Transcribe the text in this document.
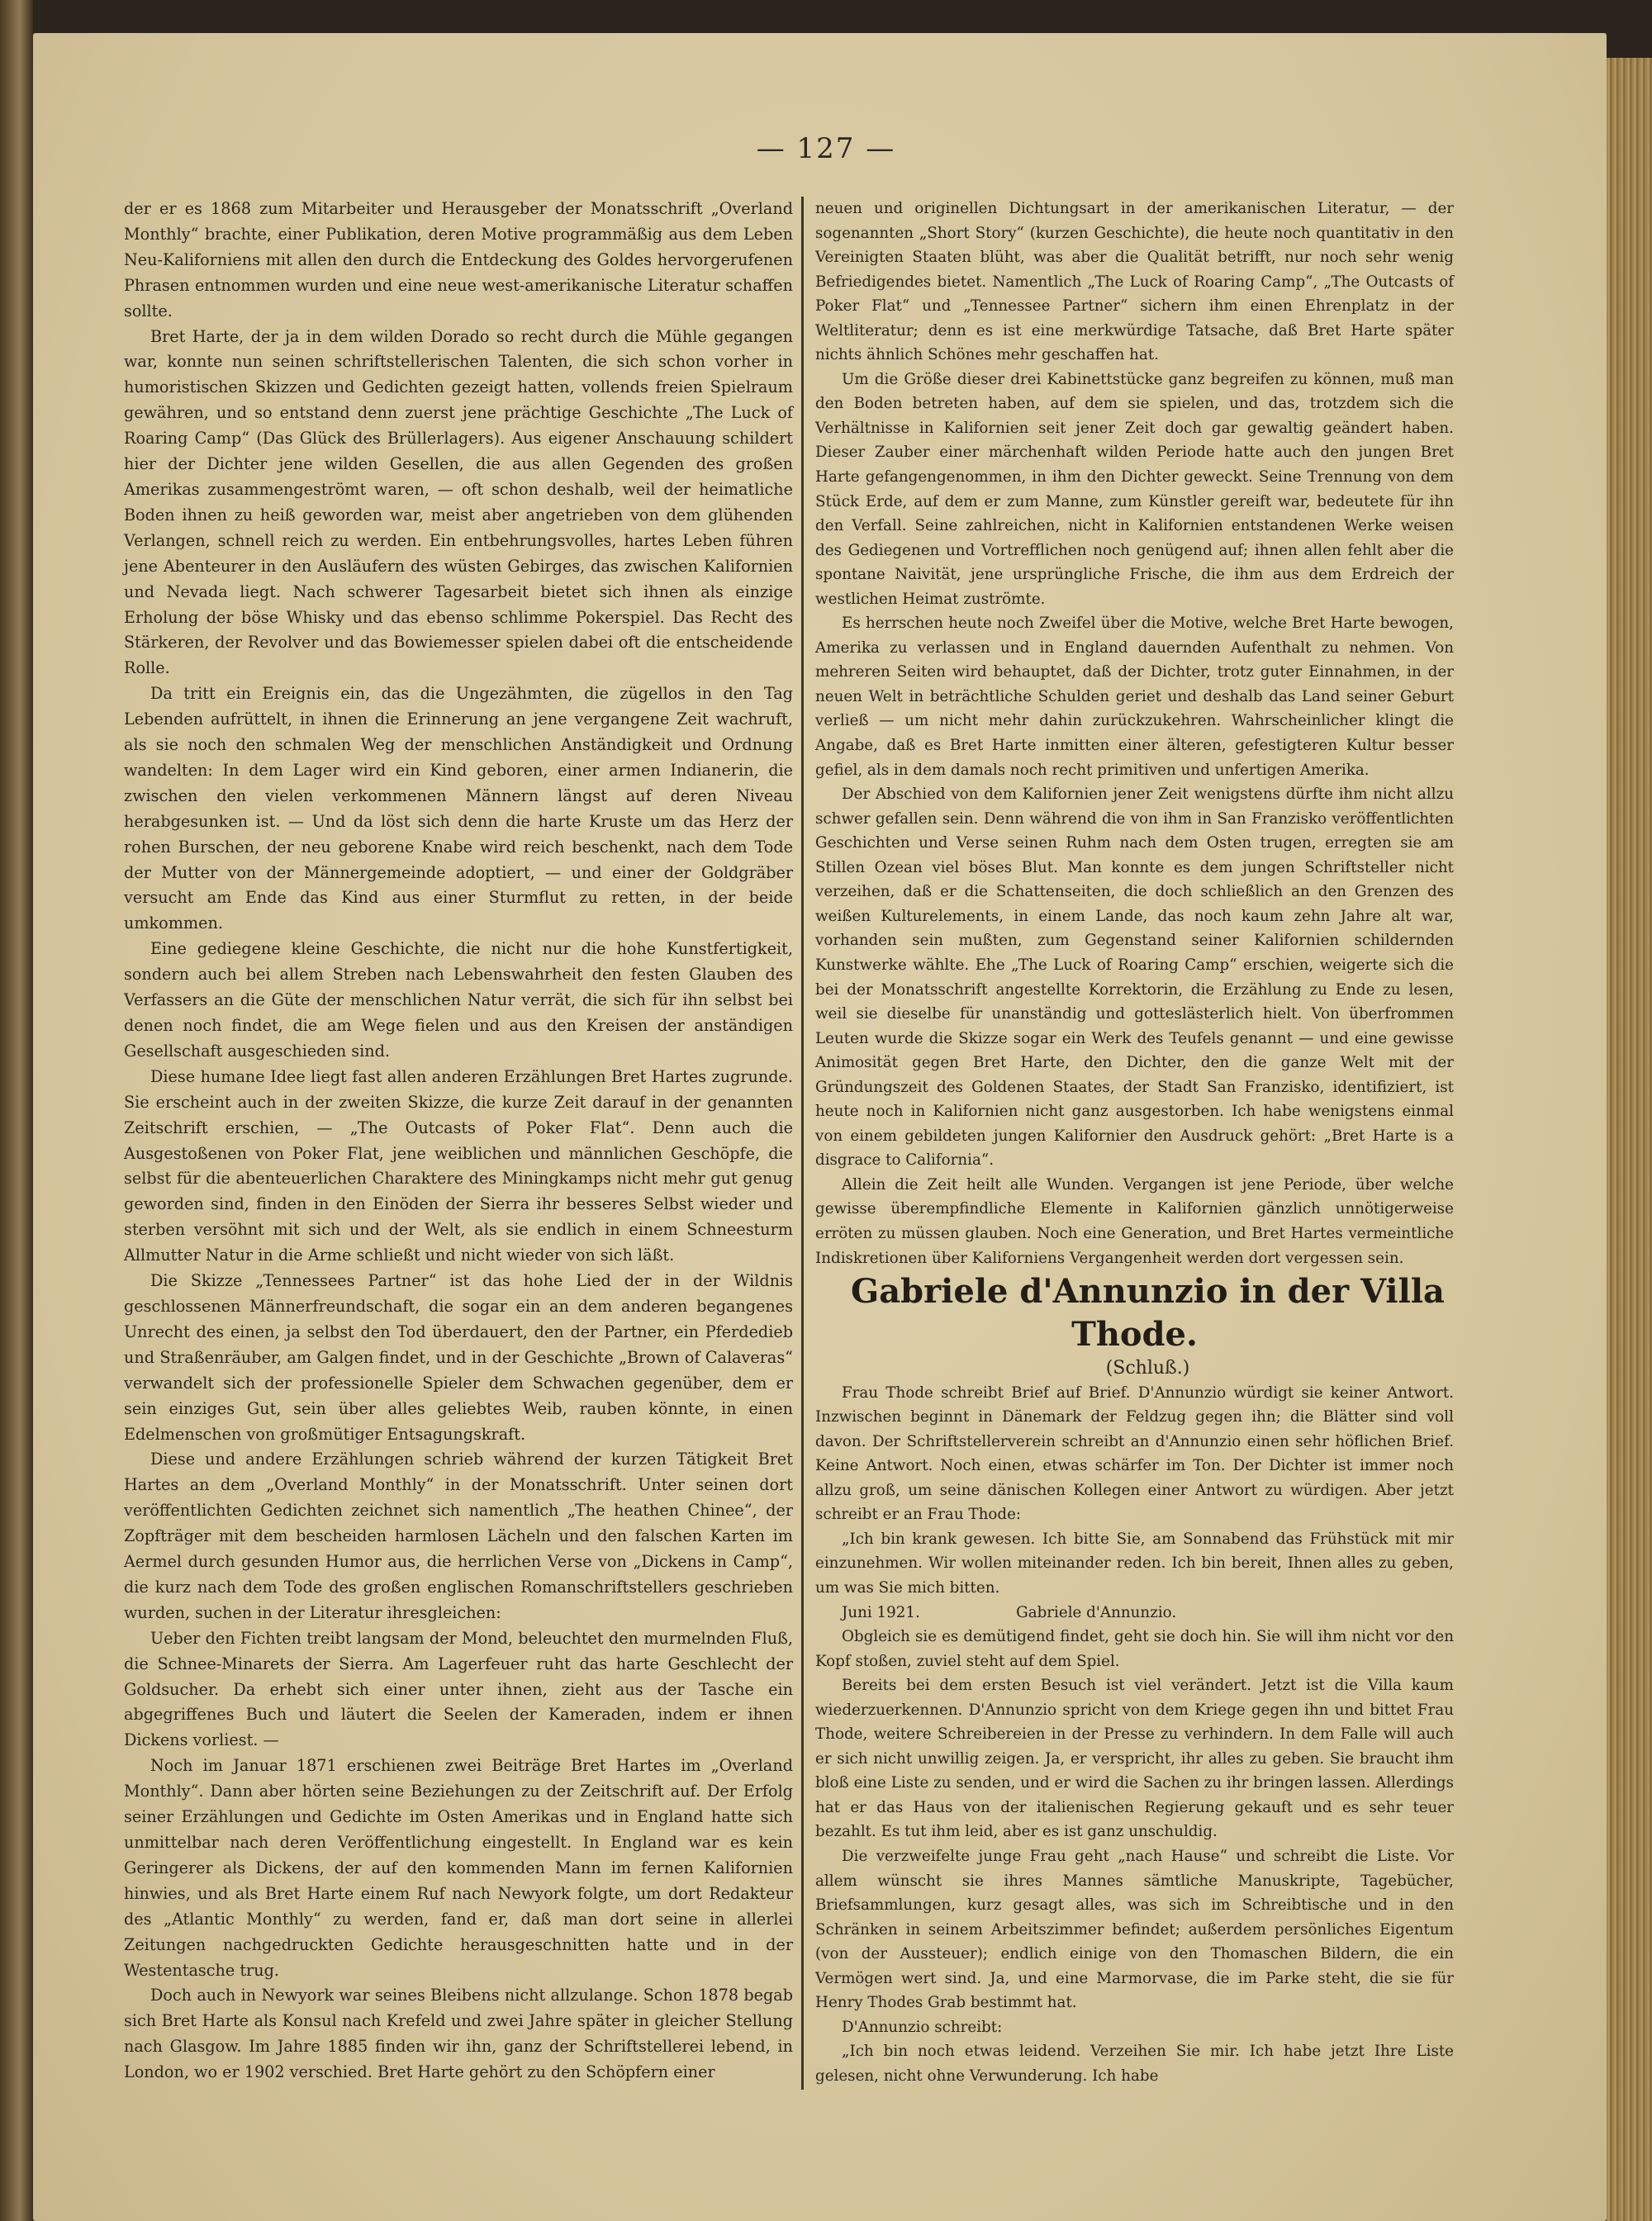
— 127 —

der er es 1868 zum Mitarbeiter und Herausgeber der Monatsschrift „Overland Monthly“ brachte, einer Publikation, deren Motive programmäßig aus dem Leben Neu-Kaliforniens mit allen den durch die Entdeckung des Goldes hervorgerufenen Phrasen entnommen wurden und eine neue west-amerikanische Literatur schaffen sollte.

Bret Harte, der ja in dem wilden Dorado so recht durch die Mühle gegangen war, konnte nun seinen schriftstellerischen Talenten, die sich schon vorher in humoristischen Skizzen und Gedichten gezeigt hatten, vollends freien Spielraum gewähren, und so entstand denn zuerst jene prächtige Geschichte „The Luck of Roaring Camp“ (Das Glück des Brüllerlagers). Aus eigener Anschauung schildert hier der Dichter jene wilden Gesellen, die aus allen Gegenden des großen Amerikas zusammengeströmt waren, — oft schon deshalb, weil der heimatliche Boden ihnen zu heiß geworden war, meist aber angetrieben von dem glühenden Verlangen, schnell reich zu werden. Ein entbehrungsvolles, hartes Leben führen jene Abenteurer in den Ausläufern des wüsten Gebirges, das zwischen Kalifornien und Nevada liegt. Nach schwerer Tagesarbeit bietet sich ihnen als einzige Erholung der böse Whisky und das ebenso schlimme Pokerspiel. Das Recht des Stärkeren, der Revolver und das Bowiemesser spielen dabei oft die entscheidende Rolle.

Da tritt ein Ereignis ein, das die Ungezähmten, die zügellos in den Tag Lebenden aufrüttelt, in ihnen die Erinnerung an jene vergangene Zeit wachruft, als sie noch den schmalen Weg der menschlichen Anständigkeit und Ordnung wandelten: In dem Lager wird ein Kind geboren, einer armen Indianerin, die zwischen den vielen verkommenen Männern längst auf deren Niveau herabgesunken ist. — Und da löst sich denn die harte Kruste um das Herz der rohen Burschen, der neu geborene Knabe wird reich beschenkt, nach dem Tode der Mutter von der Männergemeinde adoptiert, — und einer der Goldgräber versucht am Ende das Kind aus einer Sturmflut zu retten, in der beide umkommen.

Eine gediegene kleine Geschichte, die nicht nur die hohe Kunstfertigkeit, sondern auch bei allem Streben nach Lebenswahrheit den festen Glauben des Verfassers an die Güte der menschlichen Natur verrät, die sich für ihn selbst bei denen noch findet, die am Wege fielen und aus den Kreisen der anständigen Gesellschaft ausgeschieden sind.

Diese humane Idee liegt fast allen anderen Erzählungen Bret Hartes zugrunde. Sie erscheint auch in der zweiten Skizze, die kurze Zeit darauf in der genannten Zeitschrift erschien, — „The Outcasts of Poker Flat“. Denn auch die Ausgestoßenen von Poker Flat, jene weiblichen und männlichen Geschöpfe, die selbst für die abenteuerlichen Charaktere des Miningkamps nicht mehr gut genug geworden sind, finden in den Einöden der Sierra ihr besseres Selbst wieder und sterben versöhnt mit sich und der Welt, als sie endlich in einem Schneesturm Allmutter Natur in die Arme schließt und nicht wieder von sich läßt.

Die Skizze „Tennessees Partner“ ist das hohe Lied der in der Wildnis geschlossenen Männerfreundschaft, die sogar ein an dem anderen begangenes Unrecht des einen, ja selbst den Tod überdauert, den der Partner, ein Pferdedieb und Straßenräuber, am Galgen findet, und in der Geschichte „Brown of Calaveras“ verwandelt sich der professionelle Spieler dem Schwachen gegenüber, dem er sein einziges Gut, sein über alles geliebtes Weib, rauben könnte, in einen Edelmenschen von großmütiger Entsagungskraft.

Diese und andere Erzählungen schrieb während der kurzen Tätigkeit Bret Hartes an dem „Overland Monthly“ in der Monatsschrift. Unter seinen dort veröffentlichten Gedichten zeichnet sich namentlich „The heathen Chinee“, der Zopfträger mit dem bescheiden harmlosen Lächeln und den falschen Karten im Aermel durch gesunden Humor aus, die herrlichen Verse von „Dickens in Camp“, die kurz nach dem Tode des großen englischen Romanschriftstellers geschrieben wurden, suchen in der Literatur ihresgleichen:

Ueber den Fichten treibt langsam der Mond, beleuchtet den murmelnden Fluß, die Schnee-Minarets der Sierra. Am Lagerfeuer ruht das harte Geschlecht der Goldsucher. Da erhebt sich einer unter ihnen, zieht aus der Tasche ein abgegriffenes Buch und läutert die Seelen der Kameraden, indem er ihnen Dickens vorliest. —

Noch im Januar 1871 erschienen zwei Beiträge Bret Hartes im „Overland Monthly“. Dann aber hörten seine Beziehungen zu der Zeitschrift auf. Der Erfolg seiner Erzählungen und Gedichte im Osten Amerikas und in England hatte sich unmittelbar nach deren Veröffentlichung eingestellt. In England war es kein Geringerer als Dickens, der auf den kommenden Mann im fernen Kalifornien hinwies, und als Bret Harte einem Ruf nach Newyork folgte, um dort Redakteur des „Atlantic Monthly“ zu werden, fand er, daß man dort seine in allerlei Zeitungen nachgedruckten Gedichte herausgeschnitten hatte und in der Westentasche trug.

Doch auch in Newyork war seines Bleibens nicht allzulange. Schon 1878 begab sich Bret Harte als Konsul nach Krefeld und zwei Jahre später in gleicher Stellung nach Glasgow. Im Jahre 1885 finden wir ihn, ganz der Schriftstellerei lebend, in London, wo er 1902 verschied. Bret Harte gehört zu den Schöpfern einer

neuen und originellen Dichtungsart in der amerikanischen Literatur, — der sogenannten „Short Story“ (kurzen Geschichte), die heute noch quantitativ in den Vereinigten Staaten blüht, was aber die Qualität betrifft, nur noch sehr wenig Befriedigendes bietet. Namentlich „The Luck of Roaring Camp“, „The Outcasts of Poker Flat“ und „Tennessee Partner“ sichern ihm einen Ehrenplatz in der Weltliteratur; denn es ist eine merkwürdige Tatsache, daß Bret Harte später nichts ähnlich Schönes mehr geschaffen hat.

Um die Größe dieser drei Kabinettstücke ganz begreifen zu können, muß man den Boden betreten haben, auf dem sie spielen, und das, trotzdem sich die Verhältnisse in Kalifornien seit jener Zeit doch gar gewaltig geändert haben. Dieser Zauber einer märchenhaft wilden Periode hatte auch den jungen Bret Harte gefangengenommen, in ihm den Dichter geweckt. Seine Trennung von dem Stück Erde, auf dem er zum Manne, zum Künstler gereift war, bedeutete für ihn den Verfall. Seine zahlreichen, nicht in Kalifornien entstandenen Werke weisen des Gediegenen und Vortrefflichen noch genügend auf; ihnen allen fehlt aber die spontane Naivität, jene ursprüngliche Frische, die ihm aus dem Erdreich der westlichen Heimat zuströmte.

Es herrschen heute noch Zweifel über die Motive, welche Bret Harte bewogen, Amerika zu verlassen und in England dauernden Aufenthalt zu nehmen. Von mehreren Seiten wird behauptet, daß der Dichter, trotz guter Einnahmen, in der neuen Welt in beträchtliche Schulden geriet und deshalb das Land seiner Geburt verließ — um nicht mehr dahin zurückzukehren. Wahrscheinlicher klingt die Angabe, daß es Bret Harte inmitten einer älteren, gefestigteren Kultur besser gefiel, als in dem damals noch recht primitiven und unfertigen Amerika.

Der Abschied von dem Kalifornien jener Zeit wenigstens dürfte ihm nicht allzu schwer gefallen sein. Denn während die von ihm in San Franzisko veröffentlichten Geschichten und Verse seinen Ruhm nach dem Osten trugen, erregten sie am Stillen Ozean viel böses Blut. Man konnte es dem jungen Schriftsteller nicht verzeihen, daß er die Schattenseiten, die doch schließlich an den Grenzen des weißen Kulturelements, in einem Lande, das noch kaum zehn Jahre alt war, vorhanden sein mußten, zum Gegenstand seiner Kalifornien schildernden Kunstwerke wählte. Ehe „The Luck of Roaring Camp“ erschien, weigerte sich die bei der Monatsschrift angestellte Korrektorin, die Erzählung zu Ende zu lesen, weil sie dieselbe für unanständig und gotteslästerlich hielt. Von überfrommen Leuten wurde die Skizze sogar ein Werk des Teufels genannt — und eine gewisse Animosität gegen Bret Harte, den Dichter, den die ganze Welt mit der Gründungszeit des Goldenen Staates, der Stadt San Franzisko, identifiziert, ist heute noch in Kalifornien nicht ganz ausgestorben. Ich habe wenigstens einmal von einem gebildeten jungen Kalifornier den Ausdruck gehört: „Bret Harte is a disgrace to California“.

Allein die Zeit heilt alle Wunden. Vergangen ist jene Periode, über welche gewisse überempfindliche Elemente in Kalifornien gänzlich unnötigerweise erröten zu müssen glauben. Noch eine Generation, und Bret Hartes vermeintliche Indiskretionen über Kaliforniens Vergangenheit werden dort vergessen sein.

Gabriele d'Annunzio in der Villa Thode.

(Schluß.)

Frau Thode schreibt Brief auf Brief. D'Annunzio würdigt sie keiner Antwort. Inzwischen beginnt in Dänemark der Feldzug gegen ihn; die Blätter sind voll davon. Der Schriftstellerverein schreibt an d'Annunzio einen sehr höflichen Brief. Keine Antwort. Noch einen, etwas schärfer im Ton. Der Dichter ist immer noch allzu groß, um seine dänischen Kollegen einer Antwort zu würdigen. Aber jetzt schreibt er an Frau Thode:

„Ich bin krank gewesen. Ich bitte Sie, am Sonnabend das Frühstück mit mir einzunehmen. Wir wollen miteinander reden. Ich bin bereit, Ihnen alles zu geben, um was Sie mich bitten.

Juni 1921.                    Gabriele d'Annunzio.

Obgleich sie es demütigend findet, geht sie doch hin. Sie will ihm nicht vor den Kopf stoßen, zuviel steht auf dem Spiel.

Bereits bei dem ersten Besuch ist viel verändert. Jetzt ist die Villa kaum wiederzuerkennen. D'Annunzio spricht von dem Kriege gegen ihn und bittet Frau Thode, weitere Schreibereien in der Presse zu verhindern. In dem Falle will auch er sich nicht unwillig zeigen. Ja, er verspricht, ihr alles zu geben. Sie braucht ihm bloß eine Liste zu senden, und er wird die Sachen zu ihr bringen lassen. Allerdings hat er das Haus von der italienischen Regierung gekauft und es sehr teuer bezahlt. Es tut ihm leid, aber es ist ganz unschuldig.

Die verzweifelte junge Frau geht „nach Hause“ und schreibt die Liste. Vor allem wünscht sie ihres Mannes sämtliche Manuskripte, Tagebücher, Briefsammlungen, kurz gesagt alles, was sich im Schreibtische und in den Schränken in seinem Arbeitszimmer befindet; außerdem persönliches Eigentum (von der Aussteuer); endlich einige von den Thomaschen Bildern, die ein Vermögen wert sind. Ja, und eine Marmorvase, die im Parke steht, die sie für Henry Thodes Grab bestimmt hat.

D'Annunzio schreibt:

„Ich bin noch etwas leidend. Verzeihen Sie mir. Ich habe jetzt Ihre Liste gelesen, nicht ohne Verwunderung. Ich habe
